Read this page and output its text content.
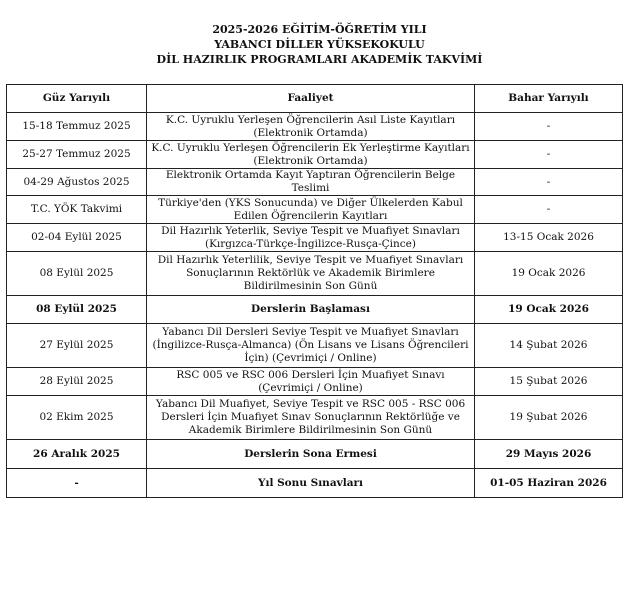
2025-2026 EĞİTİM-ÖĞRETİM YILI
YABANCI DİLLER YÜKSEKOKULU
DİL HAZIRLIK PROGRAMLARI AKADEMİK TAKVİMİ
Güz Yarıyılı	Faaliyet	Bahar Yarıyılı
15-18 Temmuz 2025	K.C. Uyruklu Yerleşen Öğrencilerin Asıl Liste Kayıtları (Elektronik Ortamda)	-
25-27 Temmuz 2025	K.C. Uyruklu Yerleşen Öğrencilerin Ek Yerleştirme Kayıtları (Elektronik Ortamda)	-
04-29 Ağustos 2025	Elektronik Ortamda Kayıt Yaptıran Öğrencilerin Belge Teslimi	-
T.C. YÖK Takvimi	Türkiye'den (YKS Sonucunda) ve Diğer Ülkelerden Kabul Edilen Öğrencilerin Kayıtları	-
02-04 Eylül 2025	Dil Hazırlık Yeterlik, Seviye Tespit ve Muafiyet Sınavları (Kırgızca-Türkçe-İngilizce-Rusça-Çince)	13-15 Ocak 2026
08 Eylül 2025	Dil Hazırlık Yeterlilik, Seviye Tespit ve Muafiyet Sınavları Sonuçlarının Rektörlük ve Akademik Birimlere Bildirilmesinin Son Günü	19 Ocak 2026
08 Eylül 2025	Derslerin Başlaması	19 Ocak 2026
27 Eylül 2025	Yabancı Dil Dersleri Seviye Tespit ve Muafiyet Sınavları (İngilizce-Rusça-Almanca) (Ön Lisans ve Lisans Öğrencileri İçin) (Çevrimiçi / Online)	14 Şubat 2026
28 Eylül 2025	RSC 005 ve RSC 006 Dersleri İçin Muafiyet Sınavı (Çevrimiçi / Online)	15 Şubat 2026
02 Ekim 2025	Yabancı Dil Muafiyet, Seviye Tespit ve RSC 005 - RSC 006 Dersleri İçin Muafiyet Sınav Sonuçlarının Rektörlüğe ve Akademik Birimlere Bildirilmesinin Son Günü	19 Şubat 2026
26 Aralık 2025	Derslerin Sona Ermesi	29 Mayıs 2026
-	Yıl Sonu Sınavları	01-05 Haziran 2026
